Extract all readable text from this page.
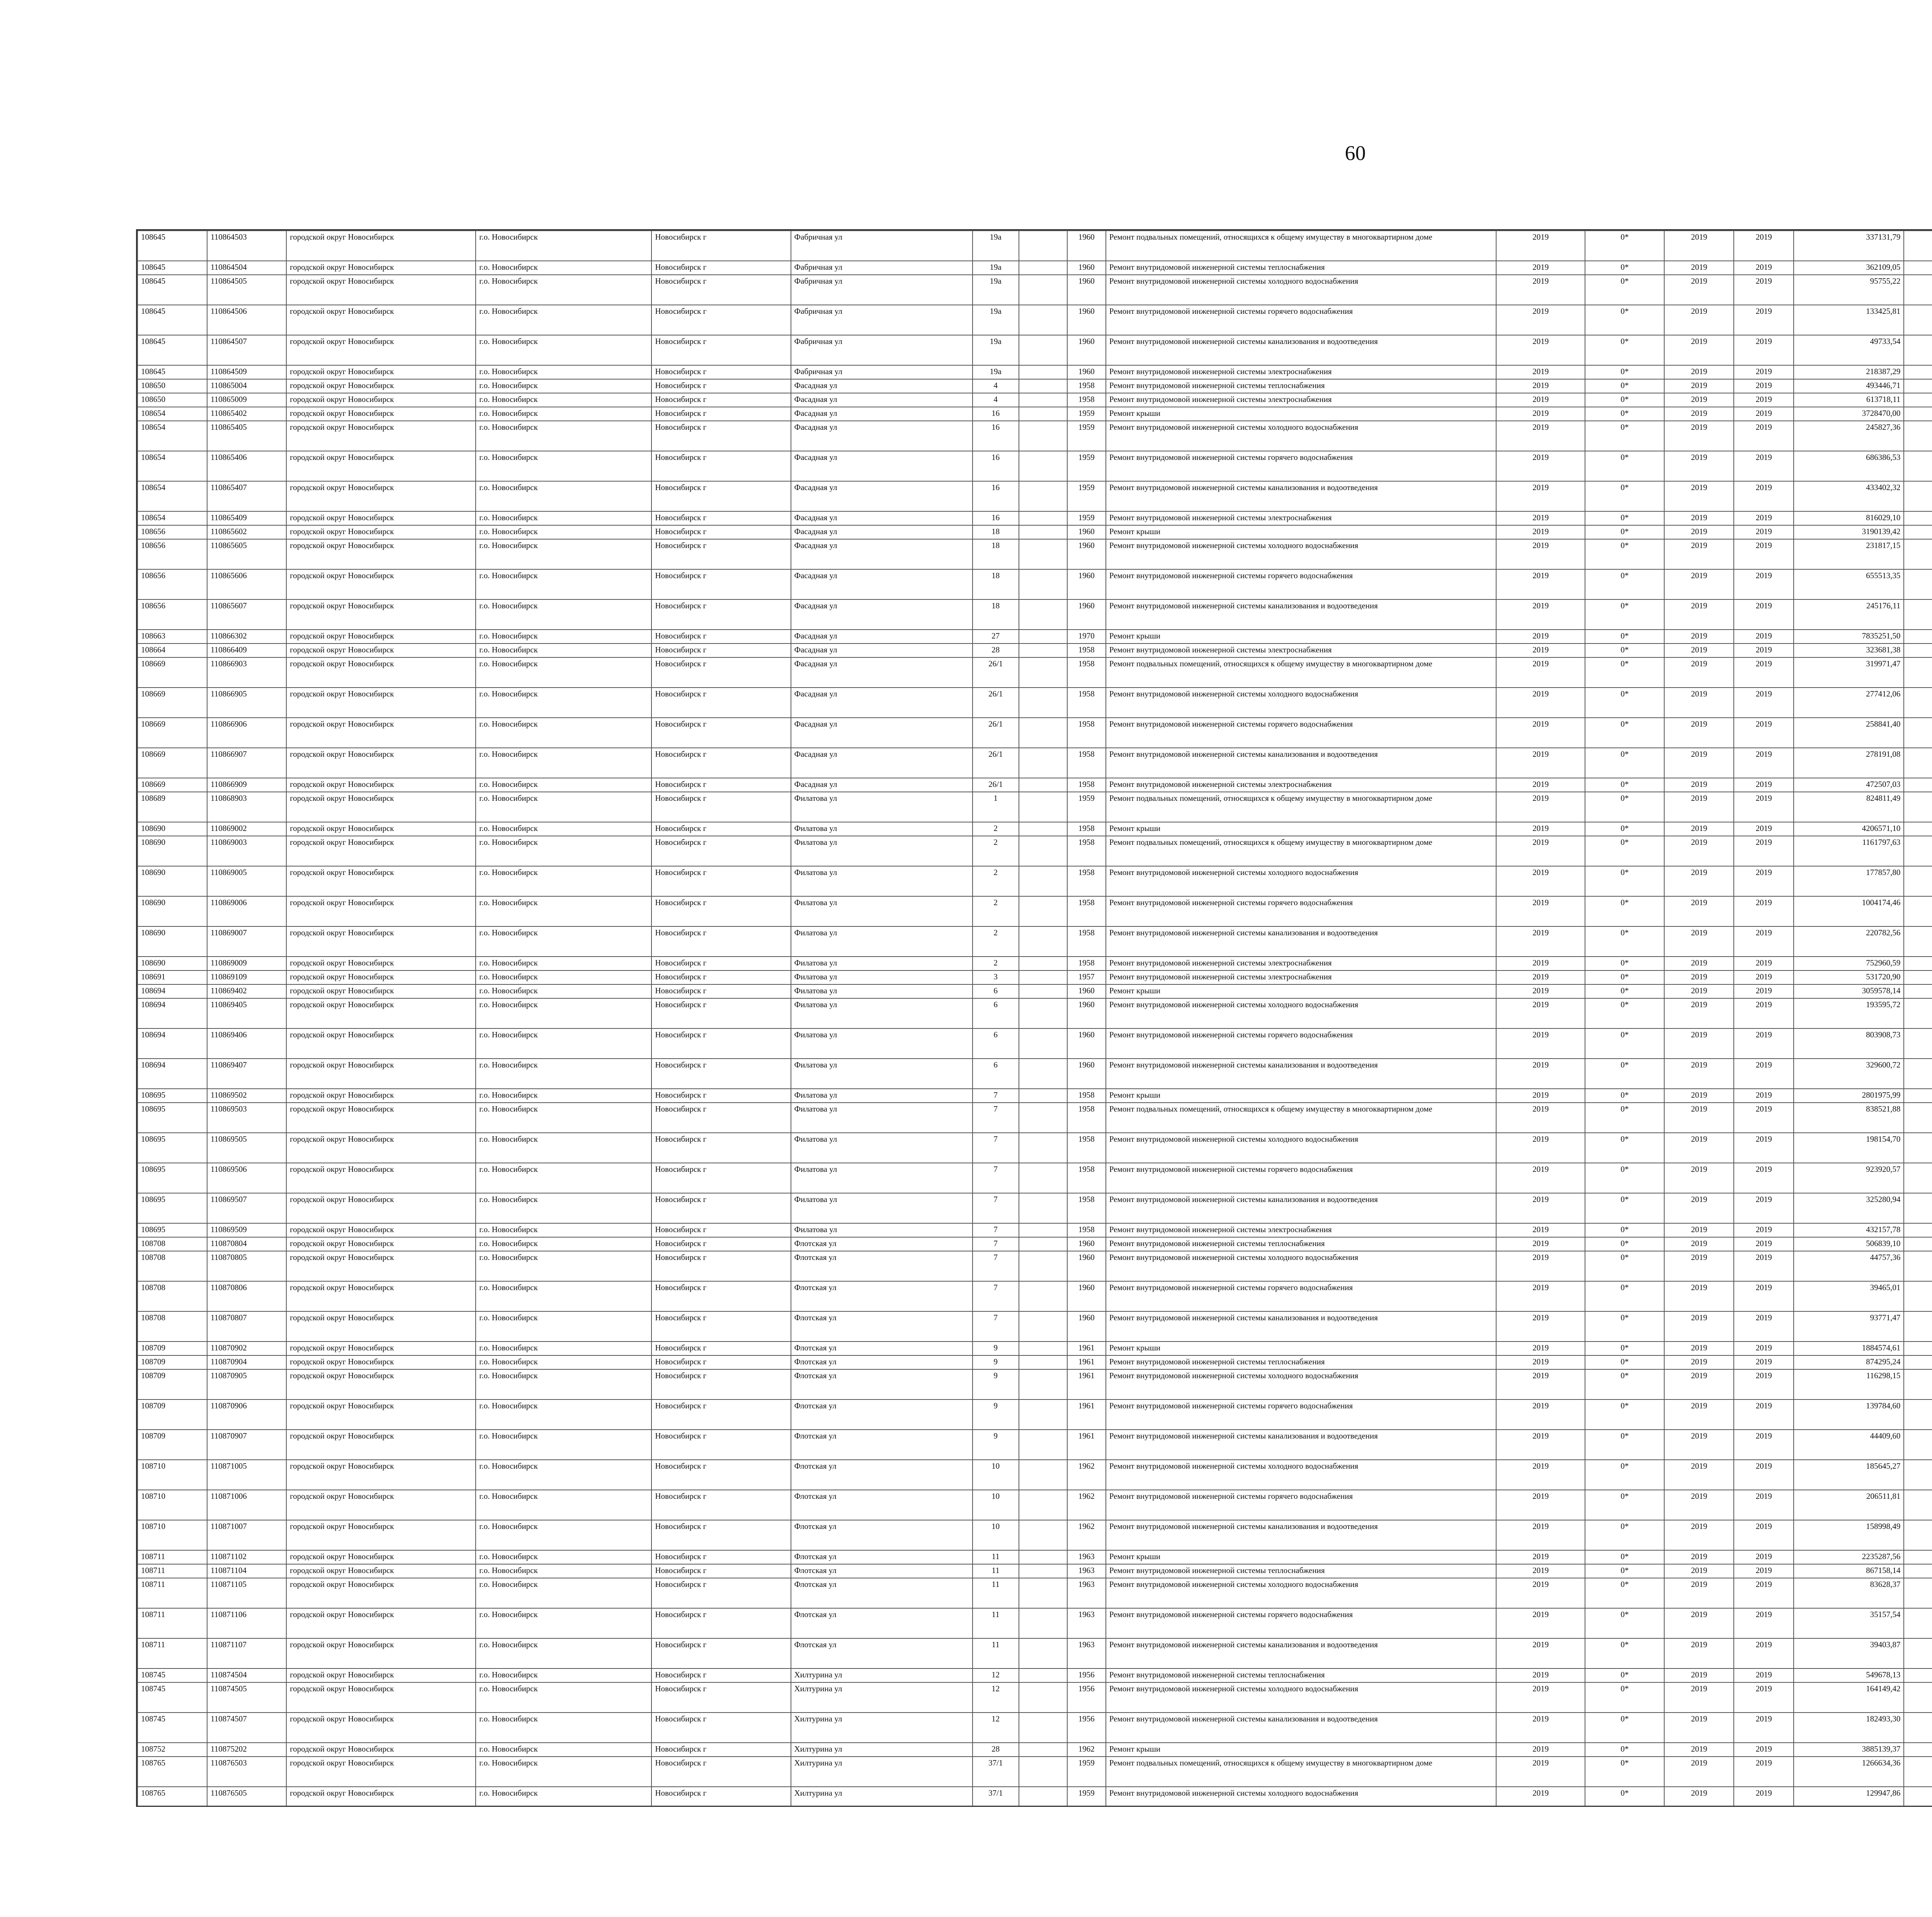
60
108645	110864503	городской округ Новосибирск	г.о. Новосибирск	Новосибирск г	Фабричная ул	19а		1960	Ремонт подвальных помещений, относящихся к общему имуществу в многоквартирном доме	2019	0*	2019	2019	337131,79							
108645	110864504	городской округ Новосибирск	г.о. Новосибирск	Новосибирск г	Фабричная ул	19а		1960	Ремонт внутридомовой инженерной системы теплоснабжения	2019	0*	2019	2019	362109,05							
108645	110864505	городской округ Новосибирск	г.о. Новосибирск	Новосибирск г	Фабричная ул	19а		1960	Ремонт внутридомовой инженерной системы холодного водоснабжения	2019	0*	2019	2019	95755,22							
108645	110864506	городской округ Новосибирск	г.о. Новосибирск	Новосибирск г	Фабричная ул	19а		1960	Ремонт внутридомовой инженерной системы горячего водоснабжения	2019	0*	2019	2019	133425,81							
108645	110864507	городской округ Новосибирск	г.о. Новосибирск	Новосибирск г	Фабричная ул	19а		1960	Ремонт внутридомовой инженерной системы канализования и водоотведения	2019	0*	2019	2019	49733,54							
108645	110864509	городской округ Новосибирск	г.о. Новосибирск	Новосибирск г	Фабричная ул	19а		1960	Ремонт внутридомовой инженерной системы электроснабжения	2019	0*	2019	2019	218387,29							
108650	110865004	городской округ Новосибирск	г.о. Новосибирск	Новосибирск г	Фасадная ул	4		1958	Ремонт внутридомовой инженерной системы теплоснабжения	2019	0*	2019	2019	493446,71							
108650	110865009	городской округ Новосибирск	г.о. Новосибирск	Новосибирск г	Фасадная ул	4		1958	Ремонт внутридомовой инженерной системы электроснабжения	2019	0*	2019	2019	613718,11							
108654	110865402	городской округ Новосибирск	г.о. Новосибирск	Новосибирск г	Фасадная ул	16		1959	Ремонт крыши	2019	0*	2019	2019	3728470,00							
108654	110865405	городской округ Новосибирск	г.о. Новосибирск	Новосибирск г	Фасадная ул	16		1959	Ремонт внутридомовой инженерной системы холодного водоснабжения	2019	0*	2019	2019	245827,36							
108654	110865406	городской округ Новосибирск	г.о. Новосибирск	Новосибирск г	Фасадная ул	16		1959	Ремонт внутридомовой инженерной системы горячего водоснабжения	2019	0*	2019	2019	686386,53							
108654	110865407	городской округ Новосибирск	г.о. Новосибирск	Новосибирск г	Фасадная ул	16		1959	Ремонт внутридомовой инженерной системы канализования и водоотведения	2019	0*	2019	2019	433402,32							
108654	110865409	городской округ Новосибирск	г.о. Новосибирск	Новосибирск г	Фасадная ул	16		1959	Ремонт внутридомовой инженерной системы электроснабжения	2019	0*	2019	2019	816029,10							
108656	110865602	городской округ Новосибирск	г.о. Новосибирск	Новосибирск г	Фасадная ул	18		1960	Ремонт крыши	2019	0*	2019	2019	3190139,42							
108656	110865605	городской округ Новосибирск	г.о. Новосибирск	Новосибирск г	Фасадная ул	18		1960	Ремонт внутридомовой инженерной системы холодного водоснабжения	2019	0*	2019	2019	231817,15							
108656	110865606	городской округ Новосибирск	г.о. Новосибирск	Новосибирск г	Фасадная ул	18		1960	Ремонт внутридомовой инженерной системы горячего водоснабжения	2019	0*	2019	2019	655513,35							
108656	110865607	городской округ Новосибирск	г.о. Новосибирск	Новосибирск г	Фасадная ул	18		1960	Ремонт внутридомовой инженерной системы канализования и водоотведения	2019	0*	2019	2019	245176,11							
108663	110866302	городской округ Новосибирск	г.о. Новосибирск	Новосибирск г	Фасадная ул	27		1970	Ремонт крыши	2019	0*	2019	2019	7835251,50							
108664	110866409	городской округ Новосибирск	г.о. Новосибирск	Новосибирск г	Фасадная ул	28		1958	Ремонт внутридомовой инженерной системы электроснабжения	2019	0*	2019	2019	323681,38							
108669	110866903	городской округ Новосибирск	г.о. Новосибирск	Новосибирск г	Фасадная ул	26/1		1958	Ремонт подвальных помещений, относящихся к общему имуществу в многоквартирном доме	2019	0*	2019	2019	319971,47							
108669	110866905	городской округ Новосибирск	г.о. Новосибирск	Новосибирск г	Фасадная ул	26/1		1958	Ремонт внутридомовой инженерной системы холодного водоснабжения	2019	0*	2019	2019	277412,06							
108669	110866906	городской округ Новосибирск	г.о. Новосибирск	Новосибирск г	Фасадная ул	26/1		1958	Ремонт внутридомовой инженерной системы горячего водоснабжения	2019	0*	2019	2019	258841,40							
108669	110866907	городской округ Новосибирск	г.о. Новосибирск	Новосибирск г	Фасадная ул	26/1		1958	Ремонт внутридомовой инженерной системы канализования и водоотведения	2019	0*	2019	2019	278191,08							
108669	110866909	городской округ Новосибирск	г.о. Новосибирск	Новосибирск г	Фасадная ул	26/1		1958	Ремонт внутридомовой инженерной системы электроснабжения	2019	0*	2019	2019	472507,03							
108689	110868903	городской округ Новосибирск	г.о. Новосибирск	Новосибирск г	Филатова ул	1		1959	Ремонт подвальных помещений, относящихся к общему имуществу в многоквартирном доме	2019	0*	2019	2019	824811,49							
108690	110869002	городской округ Новосибирск	г.о. Новосибирск	Новосибирск г	Филатова ул	2		1958	Ремонт крыши	2019	0*	2019	2019	4206571,10							
108690	110869003	городской округ Новосибирск	г.о. Новосибирск	Новосибирск г	Филатова ул	2		1958	Ремонт подвальных помещений, относящихся к общему имуществу в многоквартирном доме	2019	0*	2019	2019	1161797,63							
108690	110869005	городской округ Новосибирск	г.о. Новосибирск	Новосибирск г	Филатова ул	2		1958	Ремонт внутридомовой инженерной системы холодного водоснабжения	2019	0*	2019	2019	177857,80							
108690	110869006	городской округ Новосибирск	г.о. Новосибирск	Новосибирск г	Филатова ул	2		1958	Ремонт внутридомовой инженерной системы горячего водоснабжения	2019	0*	2019	2019	1004174,46							
108690	110869007	городской округ Новосибирск	г.о. Новосибирск	Новосибирск г	Филатова ул	2		1958	Ремонт внутридомовой инженерной системы канализования и водоотведения	2019	0*	2019	2019	220782,56							
108690	110869009	городской округ Новосибирск	г.о. Новосибирск	Новосибирск г	Филатова ул	2		1958	Ремонт внутридомовой инженерной системы электроснабжения	2019	0*	2019	2019	752960,59							
108691	110869109	городской округ Новосибирск	г.о. Новосибирск	Новосибирск г	Филатова ул	3		1957	Ремонт внутридомовой инженерной системы электроснабжения	2019	0*	2019	2019	531720,90							
108694	110869402	городской округ Новосибирск	г.о. Новосибирск	Новосибирск г	Филатова ул	6		1960	Ремонт крыши	2019	0*	2019	2019	3059578,14							
108694	110869405	городской округ Новосибирск	г.о. Новосибирск	Новосибирск г	Филатова ул	6		1960	Ремонт внутридомовой инженерной системы холодного водоснабжения	2019	0*	2019	2019	193595,72							
108694	110869406	городской округ Новосибирск	г.о. Новосибирск	Новосибирск г	Филатова ул	6		1960	Ремонт внутридомовой инженерной системы горячего водоснабжения	2019	0*	2019	2019	803908,73							
108694	110869407	городской округ Новосибирск	г.о. Новосибирск	Новосибирск г	Филатова ул	6		1960	Ремонт внутридомовой инженерной системы канализования и водоотведения	2019	0*	2019	2019	329600,72							
108695	110869502	городской округ Новосибирск	г.о. Новосибирск	Новосибирск г	Филатова ул	7		1958	Ремонт крыши	2019	0*	2019	2019	2801975,99							
108695	110869503	городской округ Новосибирск	г.о. Новосибирск	Новосибирск г	Филатова ул	7		1958	Ремонт подвальных помещений, относящихся к общему имуществу в многоквартирном доме	2019	0*	2019	2019	838521,88							
108695	110869505	городской округ Новосибирск	г.о. Новосибирск	Новосибирск г	Филатова ул	7		1958	Ремонт внутридомовой инженерной системы холодного водоснабжения	2019	0*	2019	2019	198154,70							
108695	110869506	городской округ Новосибирск	г.о. Новосибирск	Новосибирск г	Филатова ул	7		1958	Ремонт внутридомовой инженерной системы горячего водоснабжения	2019	0*	2019	2019	923920,57							
108695	110869507	городской округ Новосибирск	г.о. Новосибирск	Новосибирск г	Филатова ул	7		1958	Ремонт внутридомовой инженерной системы канализования и водоотведения	2019	0*	2019	2019	325280,94							
108695	110869509	городской округ Новосибирск	г.о. Новосибирск	Новосибирск г	Филатова ул	7		1958	Ремонт внутридомовой инженерной системы электроснабжения	2019	0*	2019	2019	432157,78							
108708	110870804	городской округ Новосибирск	г.о. Новосибирск	Новосибирск г	Флотская ул	7		1960	Ремонт внутридомовой инженерной системы теплоснабжения	2019	0*	2019	2019	506839,10							
108708	110870805	городской округ Новосибирск	г.о. Новосибирск	Новосибирск г	Флотская ул	7		1960	Ремонт внутридомовой инженерной системы холодного водоснабжения	2019	0*	2019	2019	44757,36							
108708	110870806	городской округ Новосибирск	г.о. Новосибирск	Новосибирск г	Флотская ул	7		1960	Ремонт внутридомовой инженерной системы горячего водоснабжения	2019	0*	2019	2019	39465,01							
108708	110870807	городской округ Новосибирск	г.о. Новосибирск	Новосибирск г	Флотская ул	7		1960	Ремонт внутридомовой инженерной системы канализования и водоотведения	2019	0*	2019	2019	93771,47							
108709	110870902	городской округ Новосибирск	г.о. Новосибирск	Новосибирск г	Флотская ул	9		1961	Ремонт крыши	2019	0*	2019	2019	1884574,61							
108709	110870904	городской округ Новосибирск	г.о. Новосибирск	Новосибирск г	Флотская ул	9		1961	Ремонт внутридомовой инженерной системы теплоснабжения	2019	0*	2019	2019	874295,24							
108709	110870905	городской округ Новосибирск	г.о. Новосибирск	Новосибирск г	Флотская ул	9		1961	Ремонт внутридомовой инженерной системы холодного водоснабжения	2019	0*	2019	2019	116298,15							
108709	110870906	городской округ Новосибирск	г.о. Новосибирск	Новосибирск г	Флотская ул	9		1961	Ремонт внутридомовой инженерной системы горячего водоснабжения	2019	0*	2019	2019	139784,60							
108709	110870907	городской округ Новосибирск	г.о. Новосибирск	Новосибирск г	Флотская ул	9		1961	Ремонт внутридомовой инженерной системы канализования и водоотведения	2019	0*	2019	2019	44409,60							
108710	110871005	городской округ Новосибирск	г.о. Новосибирск	Новосибирск г	Флотская ул	10		1962	Ремонт внутридомовой инженерной системы холодного водоснабжения	2019	0*	2019	2019	185645,27							
108710	110871006	городской округ Новосибирск	г.о. Новосибирск	Новосибирск г	Флотская ул	10		1962	Ремонт внутридомовой инженерной системы горячего водоснабжения	2019	0*	2019	2019	206511,81							
108710	110871007	городской округ Новосибирск	г.о. Новосибирск	Новосибирск г	Флотская ул	10		1962	Ремонт внутридомовой инженерной системы канализования и водоотведения	2019	0*	2019	2019	158998,49							
108711	110871102	городской округ Новосибирск	г.о. Новосибирск	Новосибирск г	Флотская ул	11		1963	Ремонт крыши	2019	0*	2019	2019	2235287,56							
108711	110871104	городской округ Новосибирск	г.о. Новосибирск	Новосибирск г	Флотская ул	11		1963	Ремонт внутридомовой инженерной системы теплоснабжения	2019	0*	2019	2019	867158,14							
108711	110871105	городской округ Новосибирск	г.о. Новосибирск	Новосибирск г	Флотская ул	11		1963	Ремонт внутридомовой инженерной системы холодного водоснабжения	2019	0*	2019	2019	83628,37							
108711	110871106	городской округ Новосибирск	г.о. Новосибирск	Новосибирск г	Флотская ул	11		1963	Ремонт внутридомовой инженерной системы горячего водоснабжения	2019	0*	2019	2019	35157,54							
108711	110871107	городской округ Новосибирск	г.о. Новосибирск	Новосибирск г	Флотская ул	11		1963	Ремонт внутридомовой инженерной системы канализования и водоотведения	2019	0*	2019	2019	39403,87							
108745	110874504	городской округ Новосибирск	г.о. Новосибирск	Новосибирск г	Хилтурина ул	12		1956	Ремонт внутридомовой инженерной системы теплоснабжения	2019	0*	2019	2019	549678,13							
108745	110874505	городской округ Новосибирск	г.о. Новосибирск	Новосибирск г	Хилтурина ул	12		1956	Ремонт внутридомовой инженерной системы холодного водоснабжения	2019	0*	2019	2019	164149,42							
108745	110874507	городской округ Новосибирск	г.о. Новосибирск	Новосибирск г	Хилтурина ул	12		1956	Ремонт внутридомовой инженерной системы канализования и водоотведения	2019	0*	2019	2019	182493,30							
108752	110875202	городской округ Новосибирск	г.о. Новосибирск	Новосибирск г	Хилтурина ул	28		1962	Ремонт крыши	2019	0*	2019	2019	3885139,37							
108765	110876503	городской округ Новосибирск	г.о. Новосибирск	Новосибирск г	Хилтурина ул	37/1		1959	Ремонт подвальных помещений, относящихся к общему имуществу в многоквартирном доме	2019	0*	2019	2019	1266634,36							
108765	110876505	городской округ Новосибирск	г.о. Новосибирск	Новосибирск г	Хилтурина ул	37/1		1959	Ремонт внутридомовой инженерной системы холодного водоснабжения	2019	0*	2019	2019	129947,86							
